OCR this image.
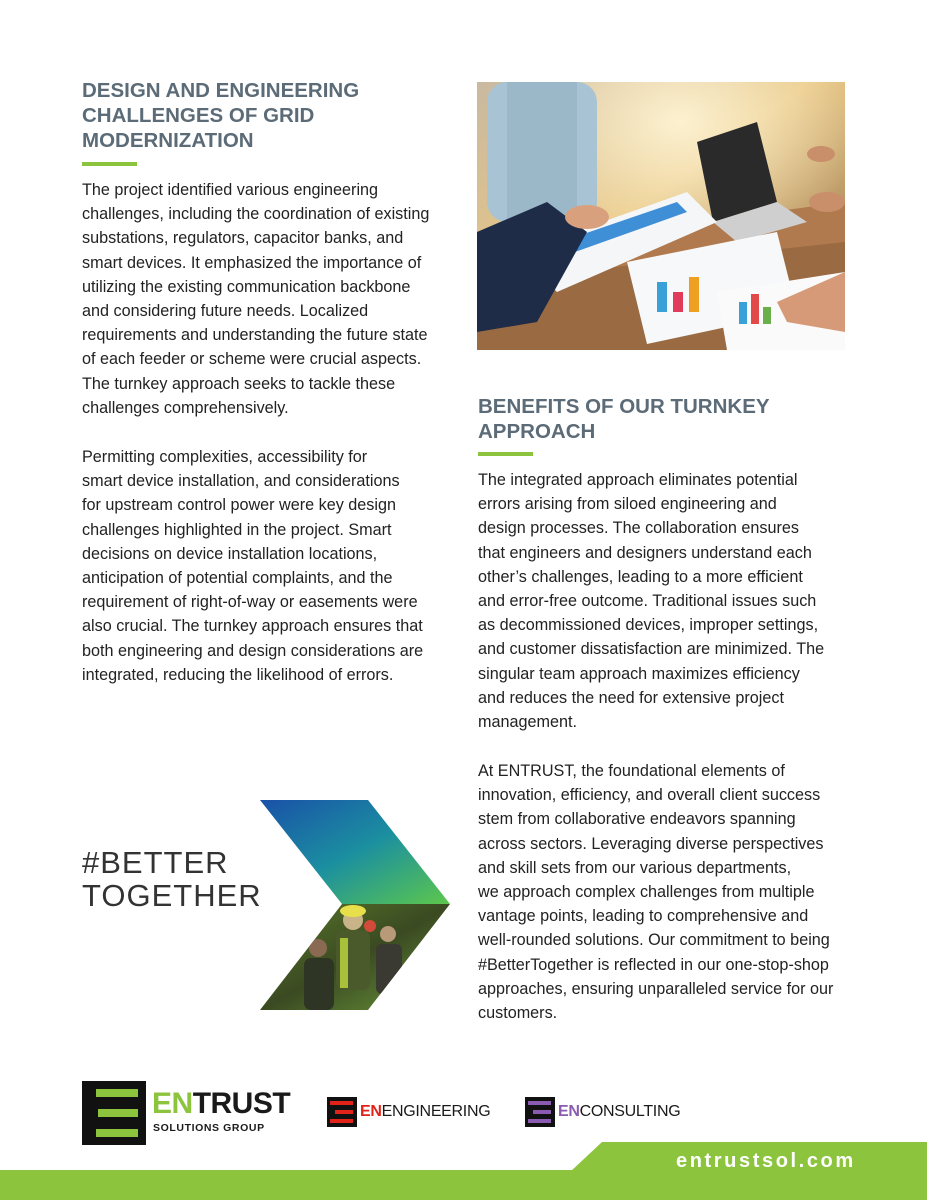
DESIGN AND ENGINEERING
CHALLENGES OF GRID
MODERNIZATION

The project identified various engineering
challenges, including the coordination of existing
substations, regulators, capacitor banks, and
smart devices. It emphasized the importance of
utilizing the existing communication backbone
and considering future needs. Localized
requirements and understanding the future state
of each feeder or scheme were crucial aspects.
The turnkey approach seeks to tackle these
challenges comprehensively.

Permitting complexities, accessibility for
smart device installation, and considerations
for upstream control power were key design
challenges highlighted in the project. Smart
decisions on device installation locations,
anticipation of potential complaints, and the
requirement of right-of-way or easements were
also crucial. The turnkey approach ensures that
both engineering and design considerations are
integrated, reducing the likelihood of errors.

#BETTER
TOGETHER
BENEFITS OF OUR TURNKEY
APPROACH

The integrated approach eliminates potential
errors arising from siloed engineering and
design processes. The collaboration ensures
that engineers and designers understand each
other’s challenges, leading to a more efficient
and error-free outcome. Traditional issues such
as decommissioned devices, improper settings,
and customer dissatisfaction are minimized. The
singular team approach maximizes efficiency
and reduces the need for extensive project
management.

At ENTRUST, the foundational elements of
innovation, efficiency, and overall client success
stem from collaborative endeavors spanning
across sectors. Leveraging diverse perspectives
and skill sets from our various departments,
we approach complex challenges from multiple
vantage points, leading to comprehensive and
well-rounded solutions. Our commitment to being
#BetterTogether is reflected in our one-stop-shop
approaches, ensuring unparalleled service for our
customers.

ENTRUST
SOLUTIONS GROUP
ENENGINEERING	ENCONSULTING
entrustsol.com
